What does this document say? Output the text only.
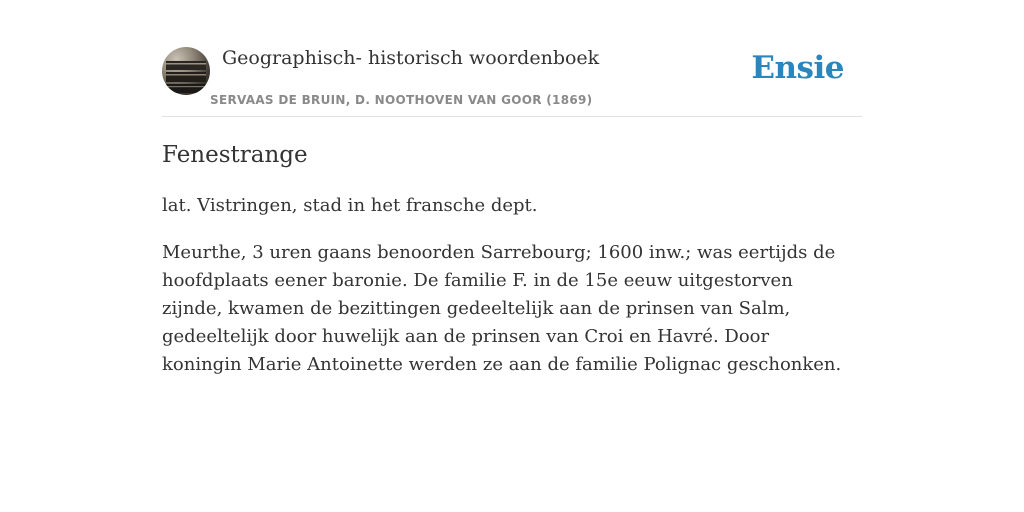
Geographisch- historisch woordenboek
SERVAAS DE BRUIN, D. NOOTHOVEN VAN GOOR (1869)
Ensie
Fenestrange

lat. Vistringen, stad in het fransche dept.

Meurthe, 3 uren gaans benoorden Sarrebourg; 1600 inw.; was eertijds de hoofdplaats eener baronie. De familie F. in de 15e eeuw uitgestorven zijnde, kwamen de bezittingen gedeeltelijk aan de prinsen van Salm, gedeeltelijk door huwelijk aan de prinsen van Croi en Havré. Door koningin Marie Antoinette werden ze aan de familie Polignac geschonken.
